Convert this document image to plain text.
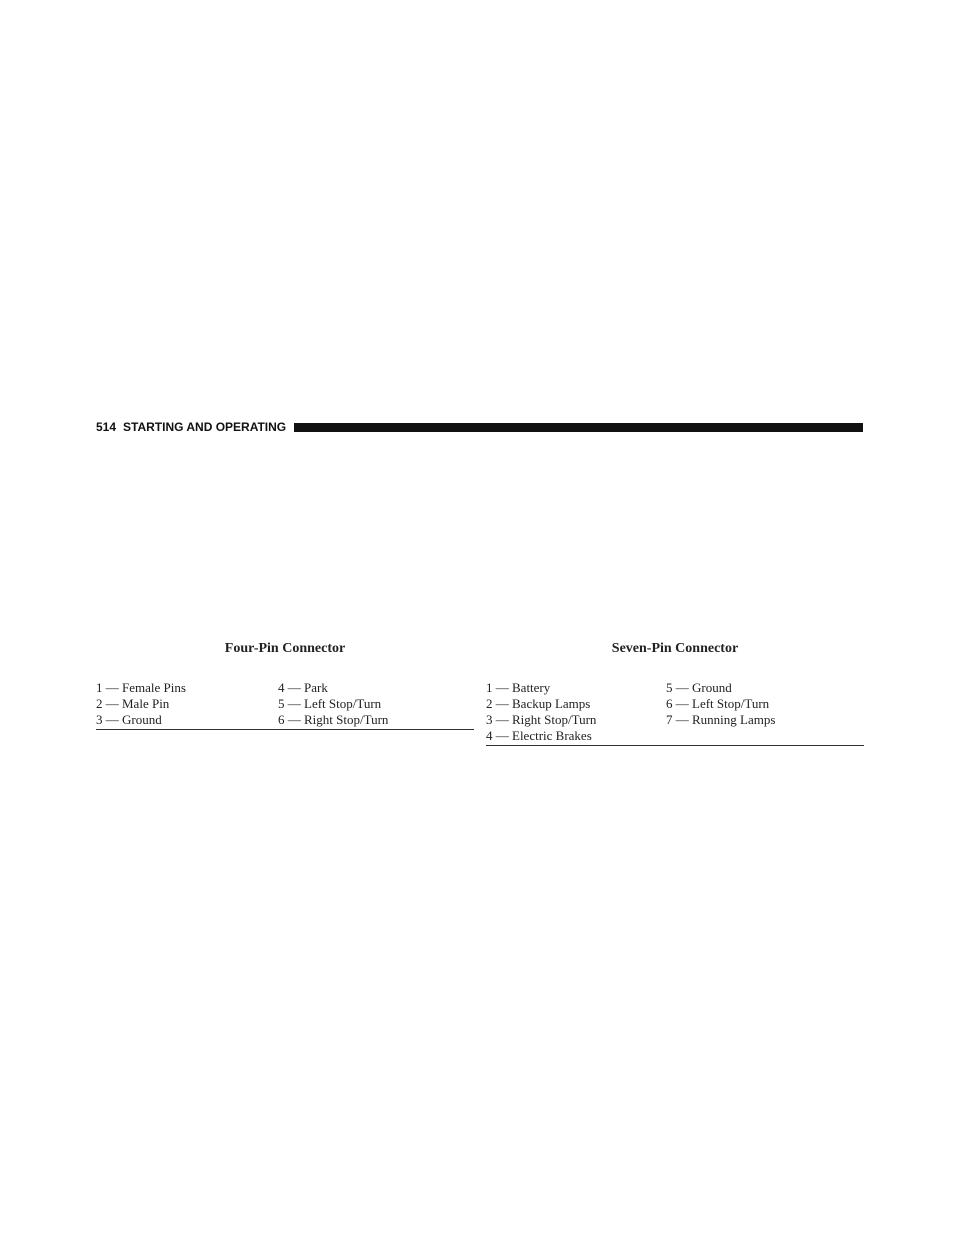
514 STARTING AND OPERATING
Four-Pin Connector
1 — Female Pins	4 — Park
2 — Male Pin	5 — Left Stop/Turn
3 — Ground	6 — Right Stop/Turn
Seven-Pin Connector
1 — Battery	5 — Ground
2 — Backup Lamps	6 — Left Stop/Turn
3 — Right Stop/Turn	7 — Running Lamps
4 — Electric Brakes
